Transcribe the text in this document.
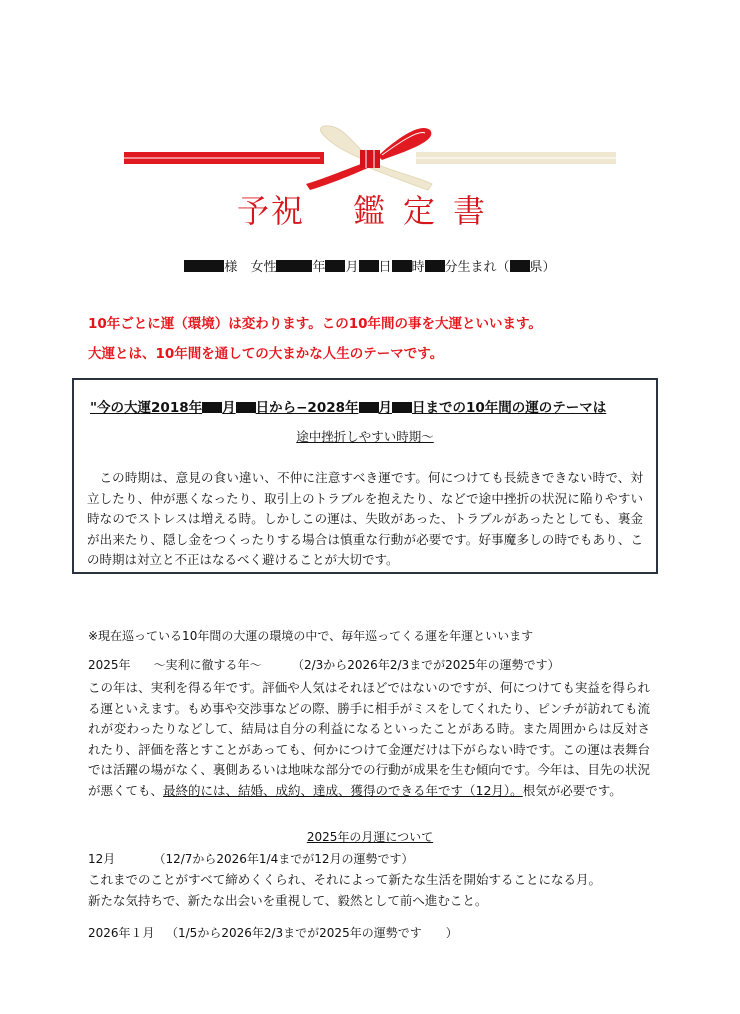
予祝 鑑定書
様　 女性	年 月 日 時 分生まれ（ 県）
10年ごとに運（環境）は変わります。この10年間の事を大運といいます。
大運とは、10年間を通しての大まかな人生のテーマです。
"今の大運2018年 月 日から−2028年 月 日までの10年間の運のテーマは
途中挫折しやすい時期〜
この時期は、意見の食い違い、不仲に注意すべき運です。何につけても長続きできない時で、対立したり、仲が悪くなったり、取引上のトラブルを抱えたり、などで途中挫折の状況に陥りやすい時なのでストレスは増える時。しかしこの運は、失敗があった、トラブルがあったとしても、裏金が出来たり、隠し金をつくったりする場合は慎重な行動が必要です。好事魔多しの時でもあり、この時期は対立と不正はなるべく避けることが大切です。
※現在巡っている10年間の大運の環境の中で、毎年巡ってくる運を年運といいます
2025年 〜実利に徹する年〜	（2/3から2026年2/3までが2025年の運勢です）
この年は、実利を得る年です。評価や人気はそれほどではないのですが、何につけても実益を得られる運といえます。もめ事や交渉事などの際、勝手に相手がミスをしてくれたり、ピンチが訪れても流れが変わったりなどして、結局は自分の利益になるといったことがある時。また周囲からは反対されたり、評価を落とすことがあっても、何かにつけて金運だけは下がらない時です。この運は表舞台では活躍の場がなく、裏側あるいは地味な部分での行動が成果を生む傾向です。今年は、目先の状況が悪くても、最終的には、結婚、成約、達成、獲得のできる年です（12月）。根気が必要です。
2025年の月運について
12月	（12/7から2026年1/4までが12月の運勢です）
これまでのことがすべて締めくくられ、それによって新たな生活を開始することになる月。
新たな気持ちで、新たな出会いを重視して、毅然として前へ進むこと。
2026年１月 （1/5から2026年2/3までが2025年の運勢です　　）
